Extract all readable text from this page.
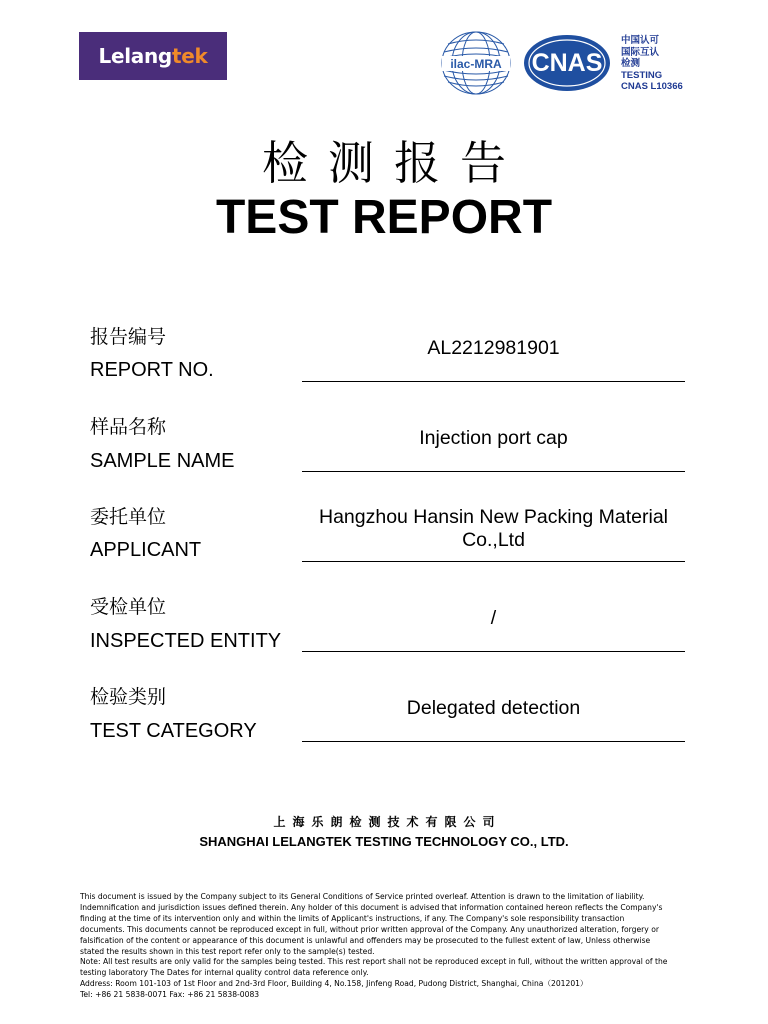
Lelangtek	ilac-MRA CNAS
中国认可
国际互认
检测
TESTING
CNAS L10366
检测报告
TEST REPORT
报告编号
REPORT NO.
AL2212981901
样品名称
SAMPLE NAME
Injection port cap
委托单位
APPLICANT
Hangzhou Hansin New Packing Material
Co.,Ltd
受检单位
INSPECTED ENTITY
/
检验类别
TEST CATEGORY
Delegated detection
上海乐朗检测技术有限公司
SHANGHAI LELANGTEK TESTING TECHNOLOGY CO., LTD.
This document is issued by the Company subject to its General Conditions of Service printed overleaf. Attention is drawn to the limitation of liability.
Indemnification and jurisdiction issues defined therein. Any holder of this document is advised that information contained hereon reflects the Company's
finding at the time of its intervention only and within the limits of Applicant's instructions, if any. The Company's sole responsibility transaction
documents. This documents cannot be reproduced except in full, without prior written approval of the Company. Any unauthorized alteration, forgery or
falsification of the content or appearance of this document is unlawful and offenders may be prosecuted to the fullest extent of law, Unless otherwise
stated the results shown in this test report refer only to the sample(s) tested.
Note: All test results are only valid for the samples being tested. This rest report shall not be reproduced except in full, without the written approval of the
testing laboratory The Dates for internal quality control data reference only.
Address: Room 101-103 of 1st Floor and 2nd-3rd Floor, Building 4, No.158, Jinfeng Road, Pudong District, Shanghai, China（201201）
Tel: +86 21 5838-0071 Fax: +86 21 5838-0083
